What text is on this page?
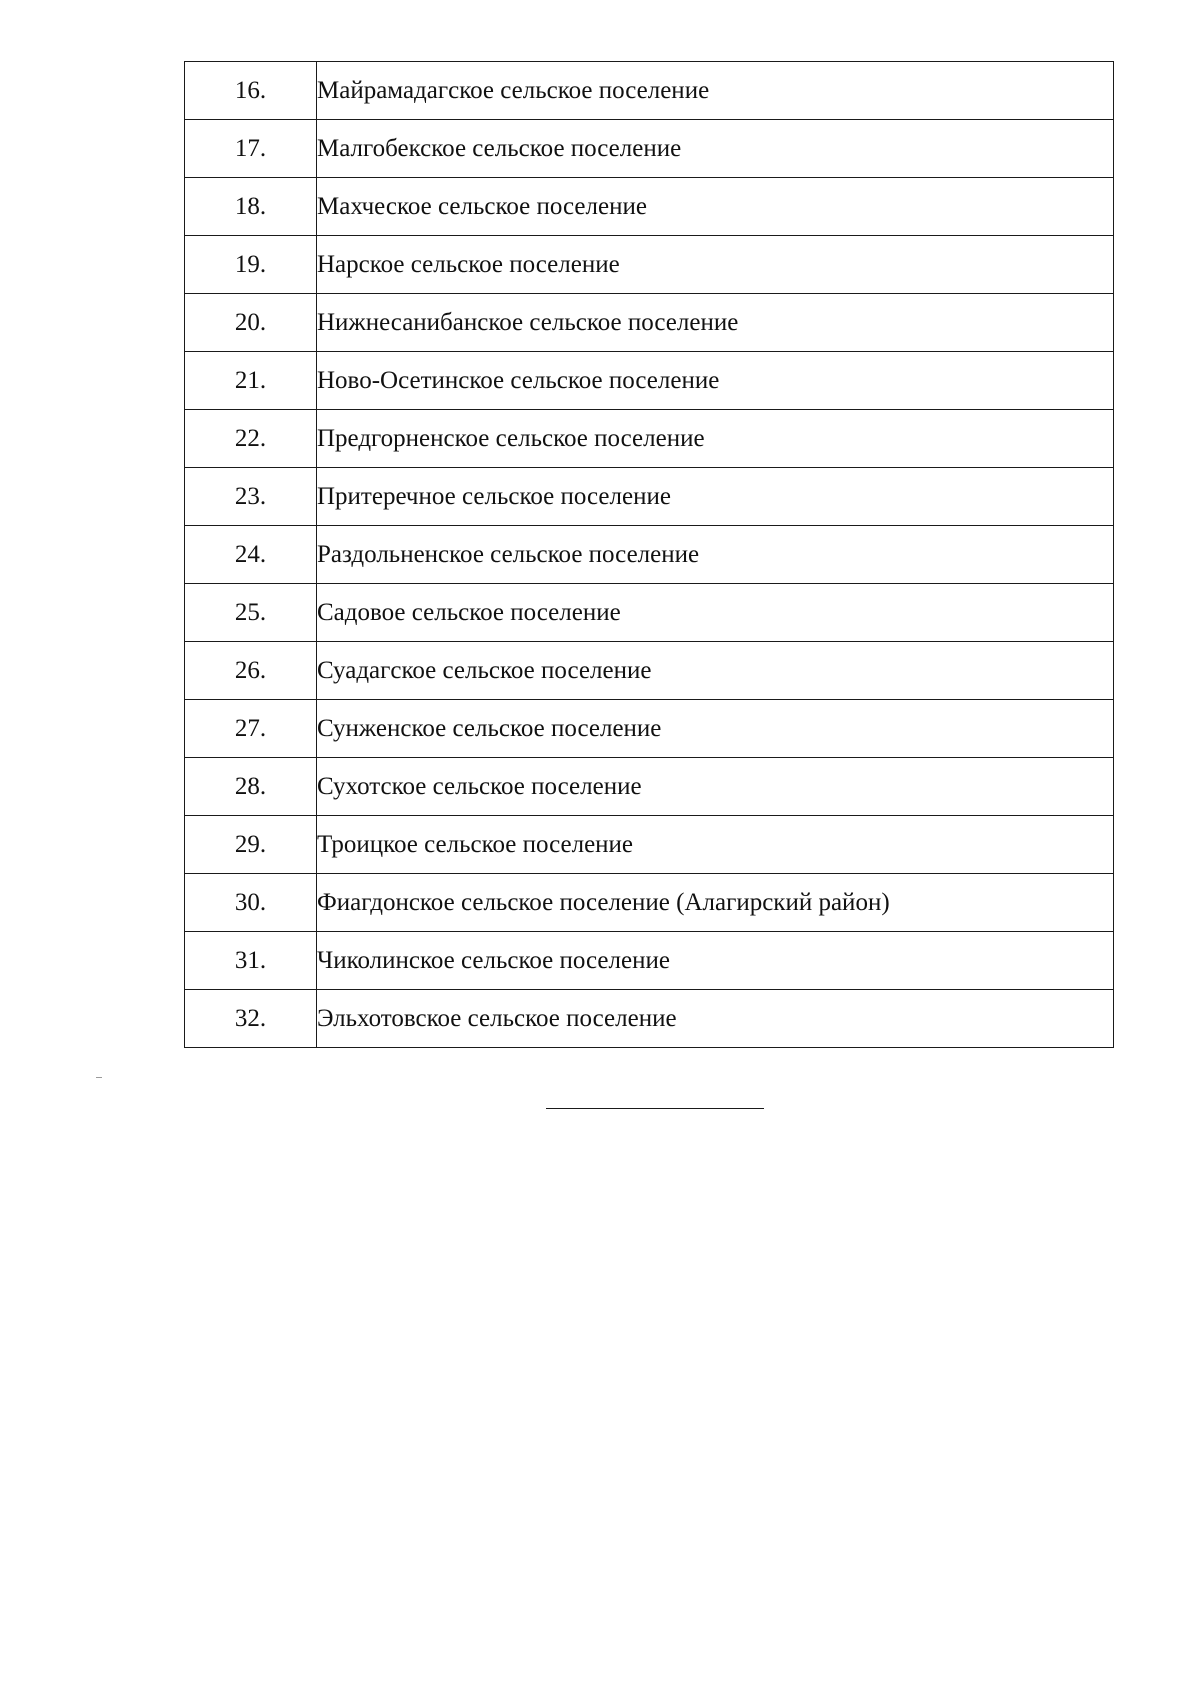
16.	Майрамадагское сельское поселение
17.	Малгобекское сельское поселение
18.	Махческое сельское поселение
19.	Нарское сельское поселение
20.	Нижнесанибанское сельское поселение
21.	Ново-Осетинское сельское поселение
22.	Предгорненское сельское поселение
23.	Притеречное сельское поселение
24.	Раздольненское сельское поселение
25.	Садовое сельское поселение
26.	Суадагское сельское поселение
27.	Сунженское сельское поселение
28.	Сухотское сельское поселение
29.	Троицкое сельское поселение
30.	Фиагдонское сельское поселение (Алагирский район)
31.	Чиколинское сельское поселение
32.	Эльхотовское сельское поселение
